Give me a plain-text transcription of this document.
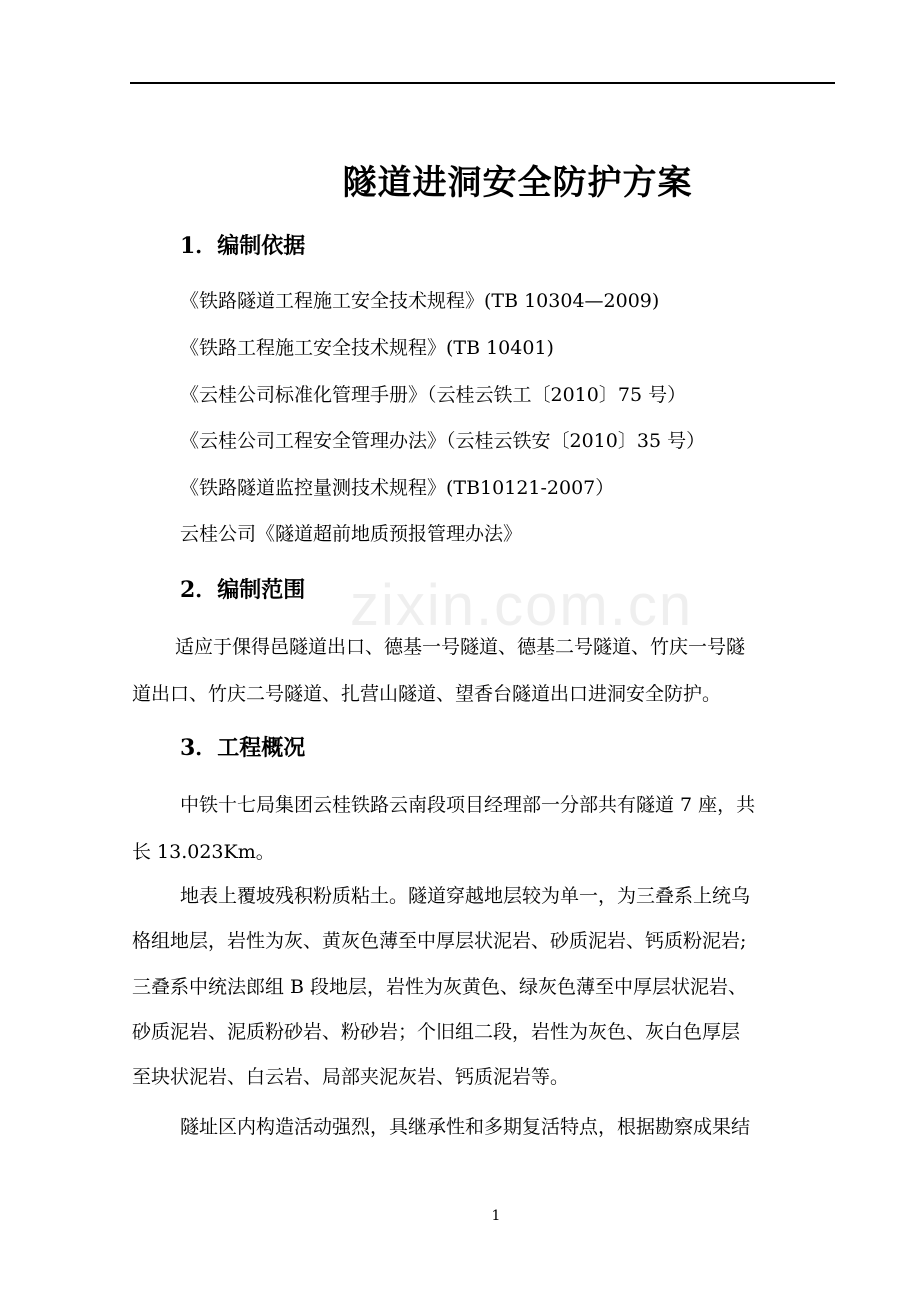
zixin.com.cn
隧道进洞安全防护方案
1．编制依据
《铁路隧道工程施工安全技术规程》(TB 10304—2009)
《铁路工程施工安全技术规程》(TB 10401)
《云桂公司标准化管理手册》（云桂云铁工〔2010〕75 号）
《云桂公司工程安全管理办法》（云桂云铁安〔2010〕35 号）
《铁路隧道监控量测技术规程》(TB10121-2007）
云桂公司《隧道超前地质预报管理办法》
2．编制范围
适应于倮得邑隧道出口、德基一号隧道、德基二号隧道、竹庆一号隧
道出口、竹庆二号隧道、扎营山隧道、望香台隧道出口进洞安全防护。
3．工程概况
中铁十七局集团云桂铁路云南段项目经理部一分部共有隧道 7 座，共
长 13.023Km。
地表上覆坡残积粉质粘土。隧道穿越地层较为单一，为三叠系上统乌
格组地层，岩性为灰、黄灰色薄至中厚层状泥岩、砂质泥岩、钙质粉泥岩;
三叠系中统法郎组 B 段地层，岩性为灰黄色、绿灰色薄至中厚层状泥岩、
砂质泥岩、泥质粉砂岩、粉砂岩；个旧组二段，岩性为灰色、灰白色厚层
至块状泥岩、白云岩、局部夹泥灰岩、钙质泥岩等。
隧址区内构造活动强烈，具继承性和多期复活特点，根据勘察成果结
1
